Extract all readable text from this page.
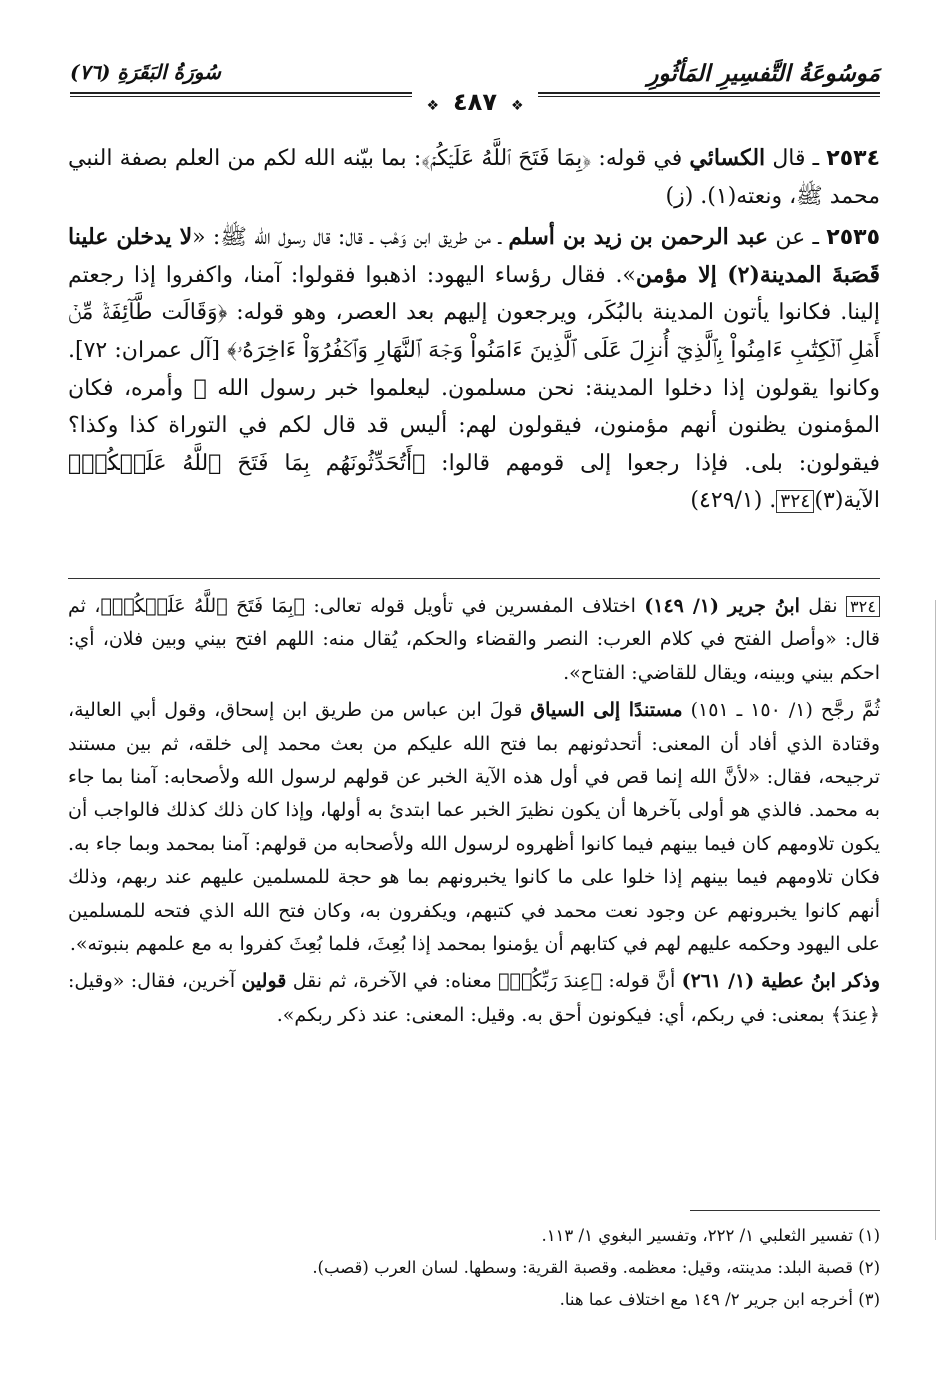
مَوسُوعَةُ التَّفسِيرِ المَأثُورِ
سُورَةُ البَقَرَةِ (٧٦)
❖ ٤٨٧ ❖

٢٥٣٤ ـ قال الكسائي في قوله: ﴿بِمَا فَتَحَ ٱللَّهُ عَلَيۡكُمۡ﴾: بما بيّنه الله لكم من العلم بصفة النبي محمد ﷺ، ونعته(١). (ز)

٢٥٣٥ ـ عن عبد الرحمن بن زيد بن أسلم ـ من طريق ابن وَهْب ـ قال: قال رسول الله ﷺ: «لا يدخلن علينا قَصَبةَ المدينة(٢) إلا مؤمن». فقال رؤساء اليهود: اذهبوا فقولوا: آمنا، واكفروا إذا رجعتم إلينا. فكانوا يأتون المدينة بالبُكَر، ويرجعون إليهم بعد العصر، وهو قوله: ﴿وَقَالَت طَّآئِفَةٞ مِّنۡ أَهۡلِ ٱلۡكِتَٰبِ ءَامِنُواْ بِٱلَّذِيٓ أُنزِلَ عَلَى ٱلَّذِينَ ءَامَنُواْ وَجۡهَ ٱلنَّهَارِ وَٱكۡفُرُوٓاْ ءَاخِرَهُۥ﴾ [آل عمران: ٧٢]. وكانوا يقولون إذا دخلوا المدينة: نحن مسلمون. ليعلموا خبر رسول الله ﷺ وأمره، فكان المؤمنون يظنون أنهم مؤمنون، فيقولون لهم: أليس قد قال لكم في التوراة كذا وكذا؟ فيقولون: بلى. فإذا رجعوا إلى قومهم قالوا: ﴿أَتُحَدِّثُونَهُم بِمَا فَتَحَ ٱللَّهُ عَلَيۡكُمۡ﴾ الآية(٣)٣٢٤. (٤٢٩/١)

٣٢٤ نقل ابنُ جرير (١/ ١٤٩) اختلاف المفسرين في تأويل قوله تعالى: ﴿بِمَا فَتَحَ ٱللَّهُ عَلَيۡكُمۡ﴾، ثم قال: «وأصل الفتح في كلام العرب: النصر والقضاء والحكم، يُقال منه: اللهم افتح بيني وبين فلان، أي: احكم بيني وبينه، ويقال للقاضي: الفتاح».

ثُمَّ رجَّح (١/ ١٥٠ ـ ١٥١) مستندًا إلى السياق قولَ ابن عباس من طريق ابن إسحاق، وقول أبي العالية، وقتادة الذي أفاد أن المعنى: أتحدثونهم بما فتح الله عليكم من بعث محمد إلى خلقه، ثم بين مستند ترجيحه، فقال: «لأنَّ الله إنما قص في أول هذه الآية الخبر عن قولهم لرسول الله ولأصحابه: آمنا بما جاء به محمد. فالذي هو أولى بآخرها أن يكون نظيرَ الخبر عما ابتدئ به أولها، وإذا كان ذلك كذلك فالواجب أن يكون تلاومهم كان فيما بينهم فيما كانوا أظهروه لرسول الله ولأصحابه من قولهم: آمنا بمحمد وبما جاء به. فكان تلاومهم فيما بينهم إذا خلوا على ما كانوا يخبرونهم بما هو حجة للمسلمين عليهم عند ربهم، وذلك أنهم كانوا يخبرونهم عن وجود نعت محمد في كتبهم، ويكفرون به، وكان فتح الله الذي فتحه للمسلمين على اليهود وحكمه عليهم لهم في كتابهم أن يؤمنوا بمحمد إذا بُعِثَ، فلما بُعِثَ كفروا به مع علمهم بنبوته».

وذكر ابنُ عطية (١/ ٢٦١) أنَّ قوله: ﴿عِندَ رَبِّكُمۡ﴾ معناه: في الآخرة، ثم نقل قولين آخرين، فقال: «وقيل: ﴿عِندَ﴾ بمعنى: في ربكم، أي: فيكونون أحق به. وقيل: المعنى: عند ذكر ربكم».

(١) تفسير الثعلبي ١/ ٢٢٢، وتفسير البغوي ١/ ١١٣.
(٢) قصبة البلد: مدينته، وقيل: معظمه. وقصبة القرية: وسطها. لسان العرب (قصب).
(٣) أخرجه ابن جرير ٢/ ١٤٩ مع اختلاف عما هنا.
